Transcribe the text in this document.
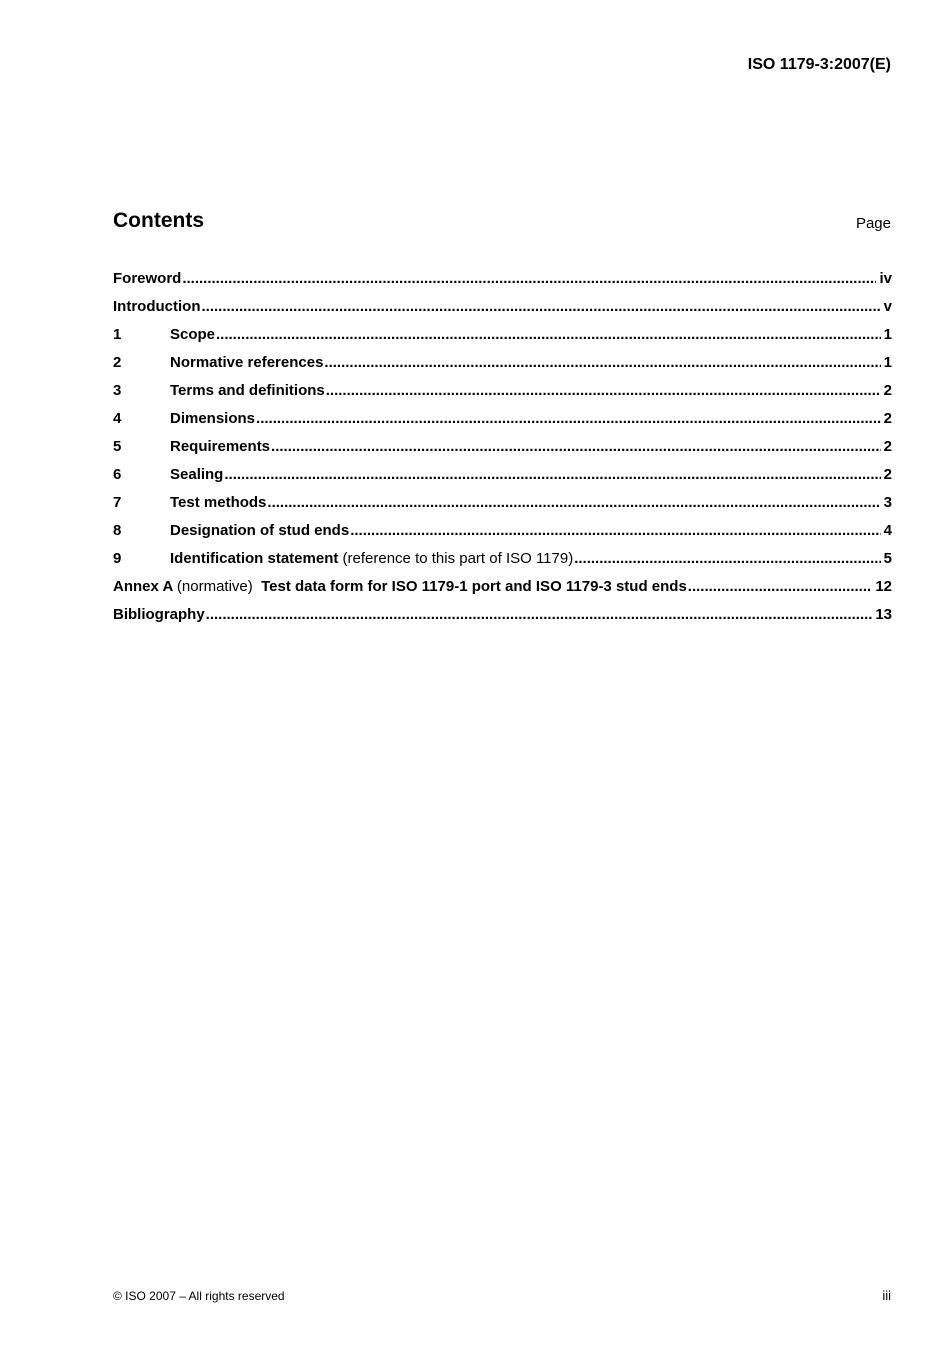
ISO 1179-3:2007(E)
Contents	Page
Foreword .....	iv
Introduction .....	v
1	Scope .....	1
2	Normative references .....	1
3	Terms and definitions .....	2
4	Dimensions .....	2
5	Requirements .....	2
6	Sealing .....	2
7	Test methods .....	3
8	Designation of stud ends .....	4
9	Identification statement (reference to this part of ISO 1179) .....	5
Annex A (normative) Test data form for ISO 1179-1 port and ISO 1179-3 stud ends .....	12
Bibliography .....	13
© ISO 2007 – All rights reserved	iii
